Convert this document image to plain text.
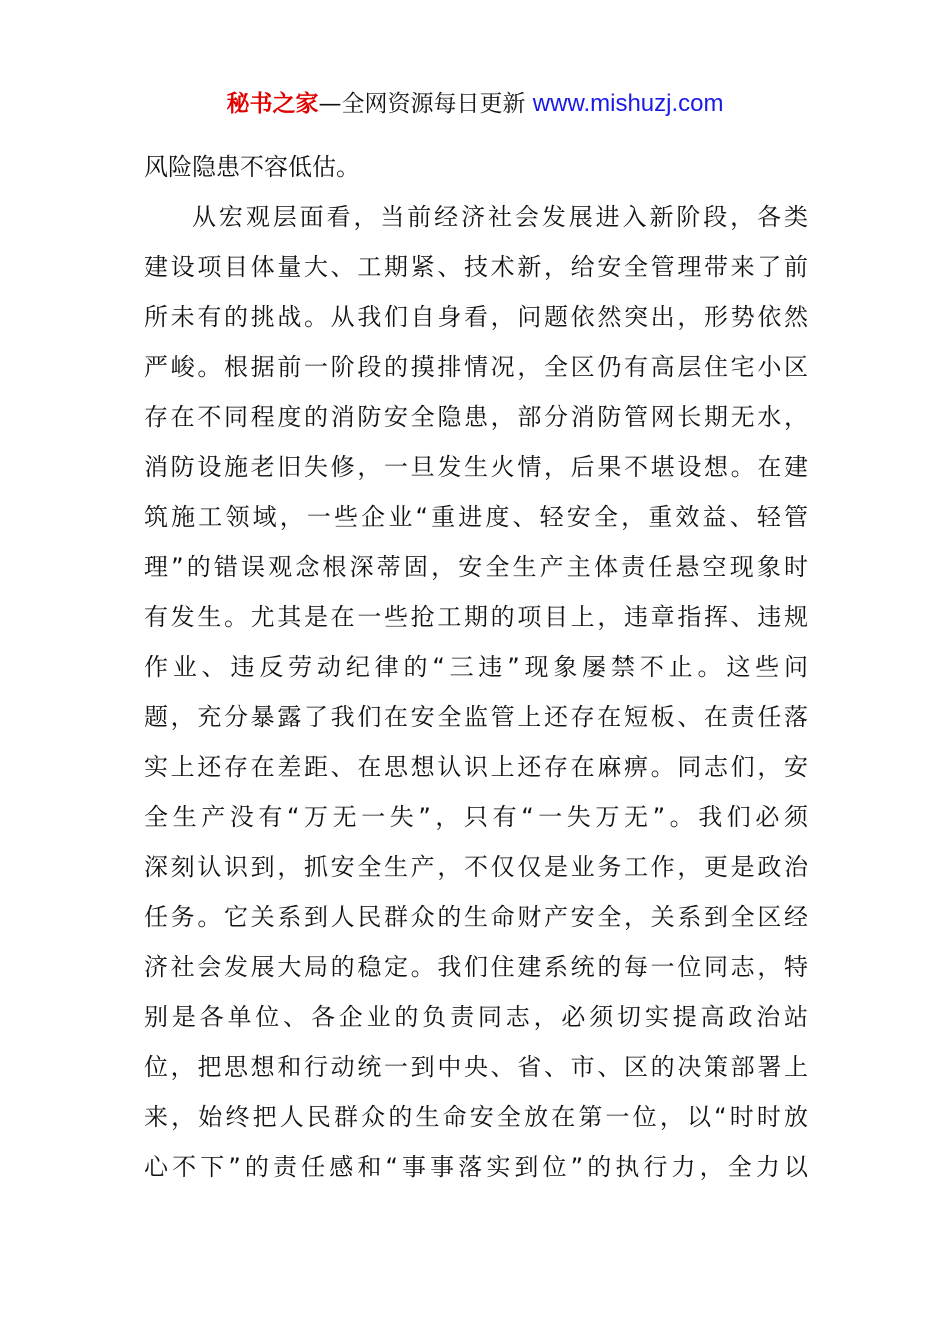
秘书之家—全网资源每日更新 www.mishuzj.com
风险隐患不容低估。
从宏观层面看，当前经济社会发展进入新阶段，各类
建设项目体量大、工期紧、技术新，给安全管理带来了前
所未有的挑战。从我们自身看，问题依然突出，形势依然
严峻。根据前一阶段的摸排情况，全区仍有高层住宅小区
存在不同程度的消防安全隐患，部分消防管网长期无水，
消防设施老旧失修，一旦发生火情，后果不堪设想。在建
筑施工领域，一些企业“重进度、轻安全，重效益、轻管
理”的错误观念根深蒂固，安全生产主体责任悬空现象时
有发生。尤其是在一些抢工期的项目上，违章指挥、违规
作业、违反劳动纪律的“三违”现象屡禁不止。这些问
题，充分暴露了我们在安全监管上还存在短板、在责任落
实上还存在差距、在思想认识上还存在麻痹。同志们，安
全生产没有“万无一失”，只有“一失万无”。我们必须
深刻认识到，抓安全生产，不仅仅是业务工作，更是政治
任务。它关系到人民群众的生命财产安全，关系到全区经
济社会发展大局的稳定。我们住建系统的每一位同志，特
别是各单位、各企业的负责同志，必须切实提高政治站
位，把思想和行动统一到中央、省、市、区的决策部署上
来，始终把人民群众的生命安全放在第一位，以“时时放
心不下”的责任感和“事事落实到位”的执行力，全力以
